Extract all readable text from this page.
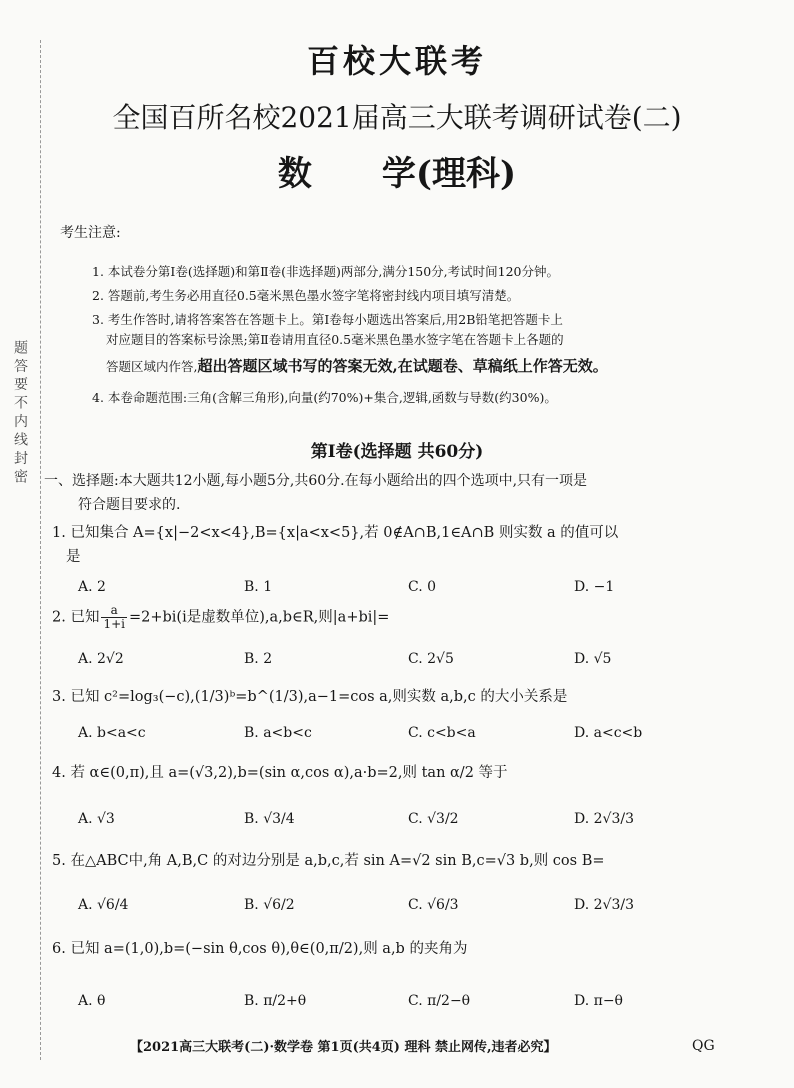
题 答 要 不 内 线 封 密
百校大联考
全国百所名校2021届高三大联考调研试卷(二)
数 学(理科)
考生注意:
1. 本试卷分第Ⅰ卷(选择题)和第Ⅱ卷(非选择题)两部分,满分150分,考试时间120分钟。
2. 答题前,考生务必用直径0.5毫米黑色墨水签字笔将密封线内项目填写清楚。
3. 考生作答时,请将答案答在答题卡上。第Ⅰ卷每小题选出答案后,用2B铅笔把答题卡上
对应题目的答案标号涂黑;第Ⅱ卷请用直径0.5毫米黑色墨水签字笔在答题卡上各题的
答题区域内作答,超出答题区域书写的答案无效,在试题卷、草稿纸上作答无效。
4. 本卷命题范围:三角(含解三角形),向量(约70%)+集合,逻辑,函数与导数(约30%)。
第Ⅰ卷(选择题 共60分)
一、选择题:本大题共12小题,每小题5分,共60分.在每小题给出的四个选项中,只有一项是
符合题目要求的.
1. 已知集合 A={x|−2<x<4},B={x|a<x<5},若 0∉A∩B,1∈A∩B 则实数 a 的值可以
是
A. 2	B. 1	C. 0	D. −1
2. 已知 $\frac{a}{1+i} =2+bi(i$是虚数单位),a,b∈R,则|a+bi|=
A. 2√2	B. 2	C. 2√5	D. √5
3. 已知 c²=log₃(−c),(1/3)ᵇ=b^(1/3),a−1=cos a,则实数 a,b,c 的大小关系是
A. b<a<c	B. a<b<c	C. c<b<a	D. a<c<b
4. 若 α∈(0,π),且 a=(√3,2),b=(sin α,cos α),a·b=2,则 tan α/2 等于
A. √3	B. √3/4	C. √3/2	D. 2√3/3
5. 在△ABC中,角 A,B,C 的对边分别是 a,b,c,若 sin A=√2 sin B,c=√3 b,则 cos B=
A. √6/4	B. √6/2	C. √6/3	D. 2√3/3
6. 已知 a=(1,0),b=(−sin θ,cos θ),θ∈(0,π/2),则 a,b 的夹角为
A. θ	B. π/2+θ	C. π/2−θ	D. π−θ
【2021高三大联考(二)·数学卷 第1页(共4页) 理科 禁止网传,违者必究】	QG
